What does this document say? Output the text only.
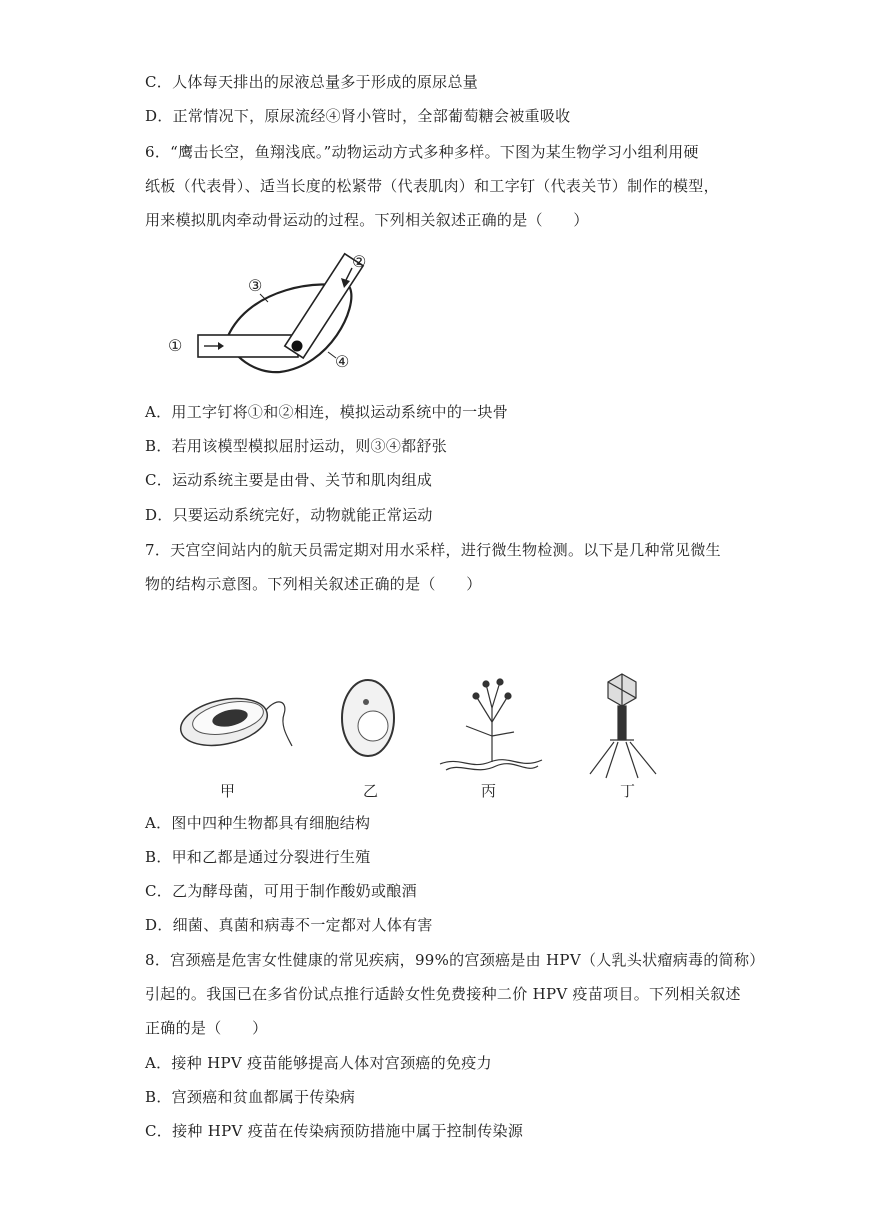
C．人体每天排出的尿液总量多于形成的原尿总量
D．正常情况下，原尿流经④肾小管时，全部葡萄糖会被重吸收
6．“鹰击长空，鱼翔浅底。”动物运动方式多种多样。下图为某生物学习小组利用硬
纸板（代表骨）、适当长度的松紧带（代表肌肉）和工字钉（代表关节）制作的模型，
用来模拟肌肉牵动骨运动的过程。下列相关叙述正确的是（　　）
①
②
③
④
A．用工字钉将①和②相连，模拟运动系统中的一块骨
B．若用该模型模拟屈肘运动，则③④都舒张
C．运动系统主要是由骨、关节和肌肉组成
D．只要运动系统完好，动物就能正常运动
7．天宫空间站内的航天员需定期对用水采样，进行微生物检测。以下是几种常见微生
物的结构示意图。下列相关叙述正确的是（　　）
甲	乙	丙	丁
A．图中四种生物都具有细胞结构
B．甲和乙都是通过分裂进行生殖
C．乙为酵母菌，可用于制作酸奶或酿酒
D．细菌、真菌和病毒不一定都对人体有害
8．宫颈癌是危害女性健康的常见疾病，99%的宫颈癌是由 HPV（人乳头状瘤病毒的简称）
引起的。我国已在多省份试点推行适龄女性免费接种二价 HPV 疫苗项目。下列相关叙述
正确的是（　　）
A．接种 HPV 疫苗能够提高人体对宫颈癌的免疫力
B．宫颈癌和贫血都属于传染病
C．接种 HPV 疫苗在传染病预防措施中属于控制传染源
